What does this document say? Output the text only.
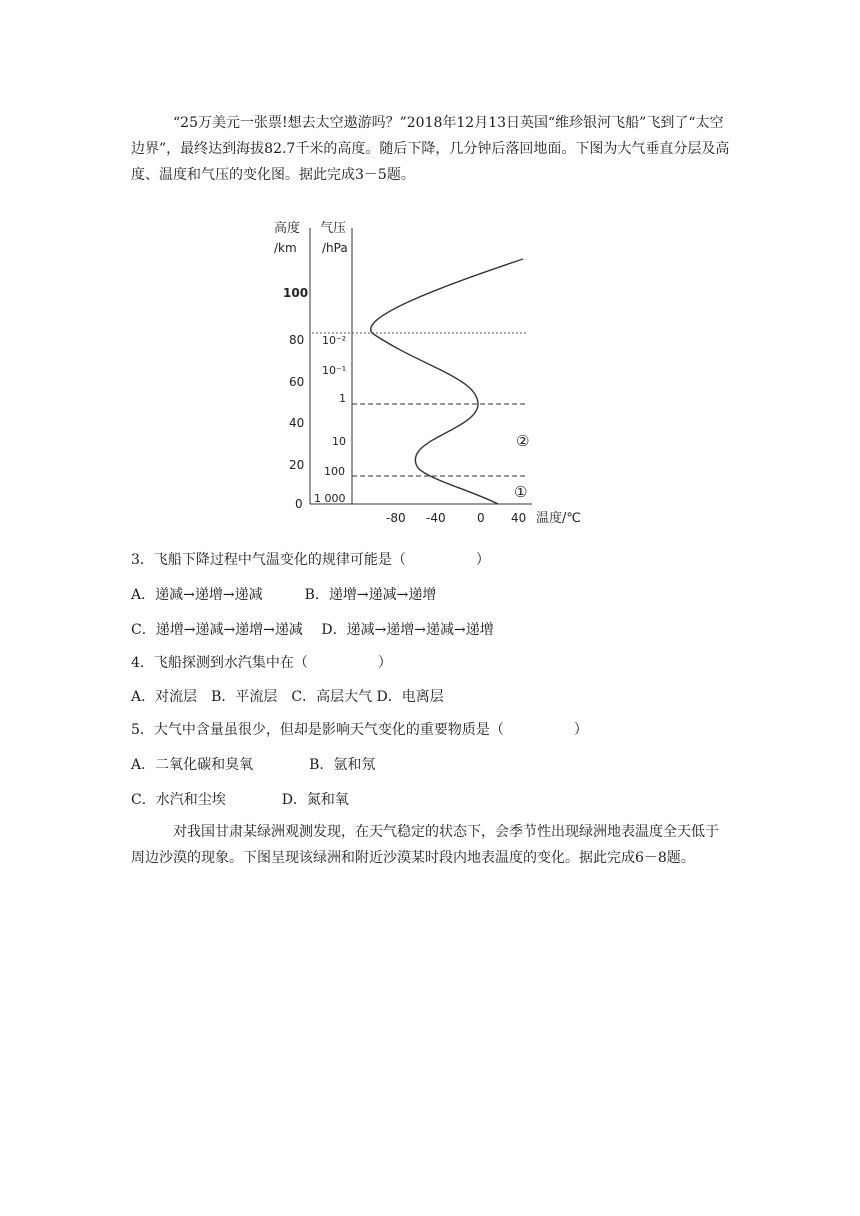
“25万美元一张票!想去太空遨游吗？”2018年12月13日英国“维珍银河飞船”飞到了“太空边界”，最终达到海拔82.7千米的高度。随后下降，几分钟后落回地面。下图为大气垂直分层及高度、温度和气压的变化图。据此完成3－5题。

高度
/km
气压
/hPa
100
80
60
40
20
0
10⁻²
10⁻¹
1
10
100
1 000
②
①
-80 -40	0 40 温度/℃

3．飞船下降过程中气温变化的规律可能是（　　　　　）

A．递减→递增→递减　　　B．递增→递减→递增

C．递增→递减→递增→递减　 D．递减→递增→递减→递增

4．飞船探测到水汽集中在（　　　　　）

A．对流层　B．平流层　C．高层大气 D．电离层

5．大气中含量虽很少，但却是影响天气变化的重要物质是（　　　　　）

A．二氧化碳和臭氧　　　　B．氩和氖

C．水汽和尘埃　　　　D．氮和氧

对我国甘肃某绿洲观测发现，在天气稳定的状态下，会季节性出现绿洲地表温度全天低于周边沙漠的现象。下图呈现该绿洲和附近沙漠某时段内地表温度的变化。据此完成6－8题。
